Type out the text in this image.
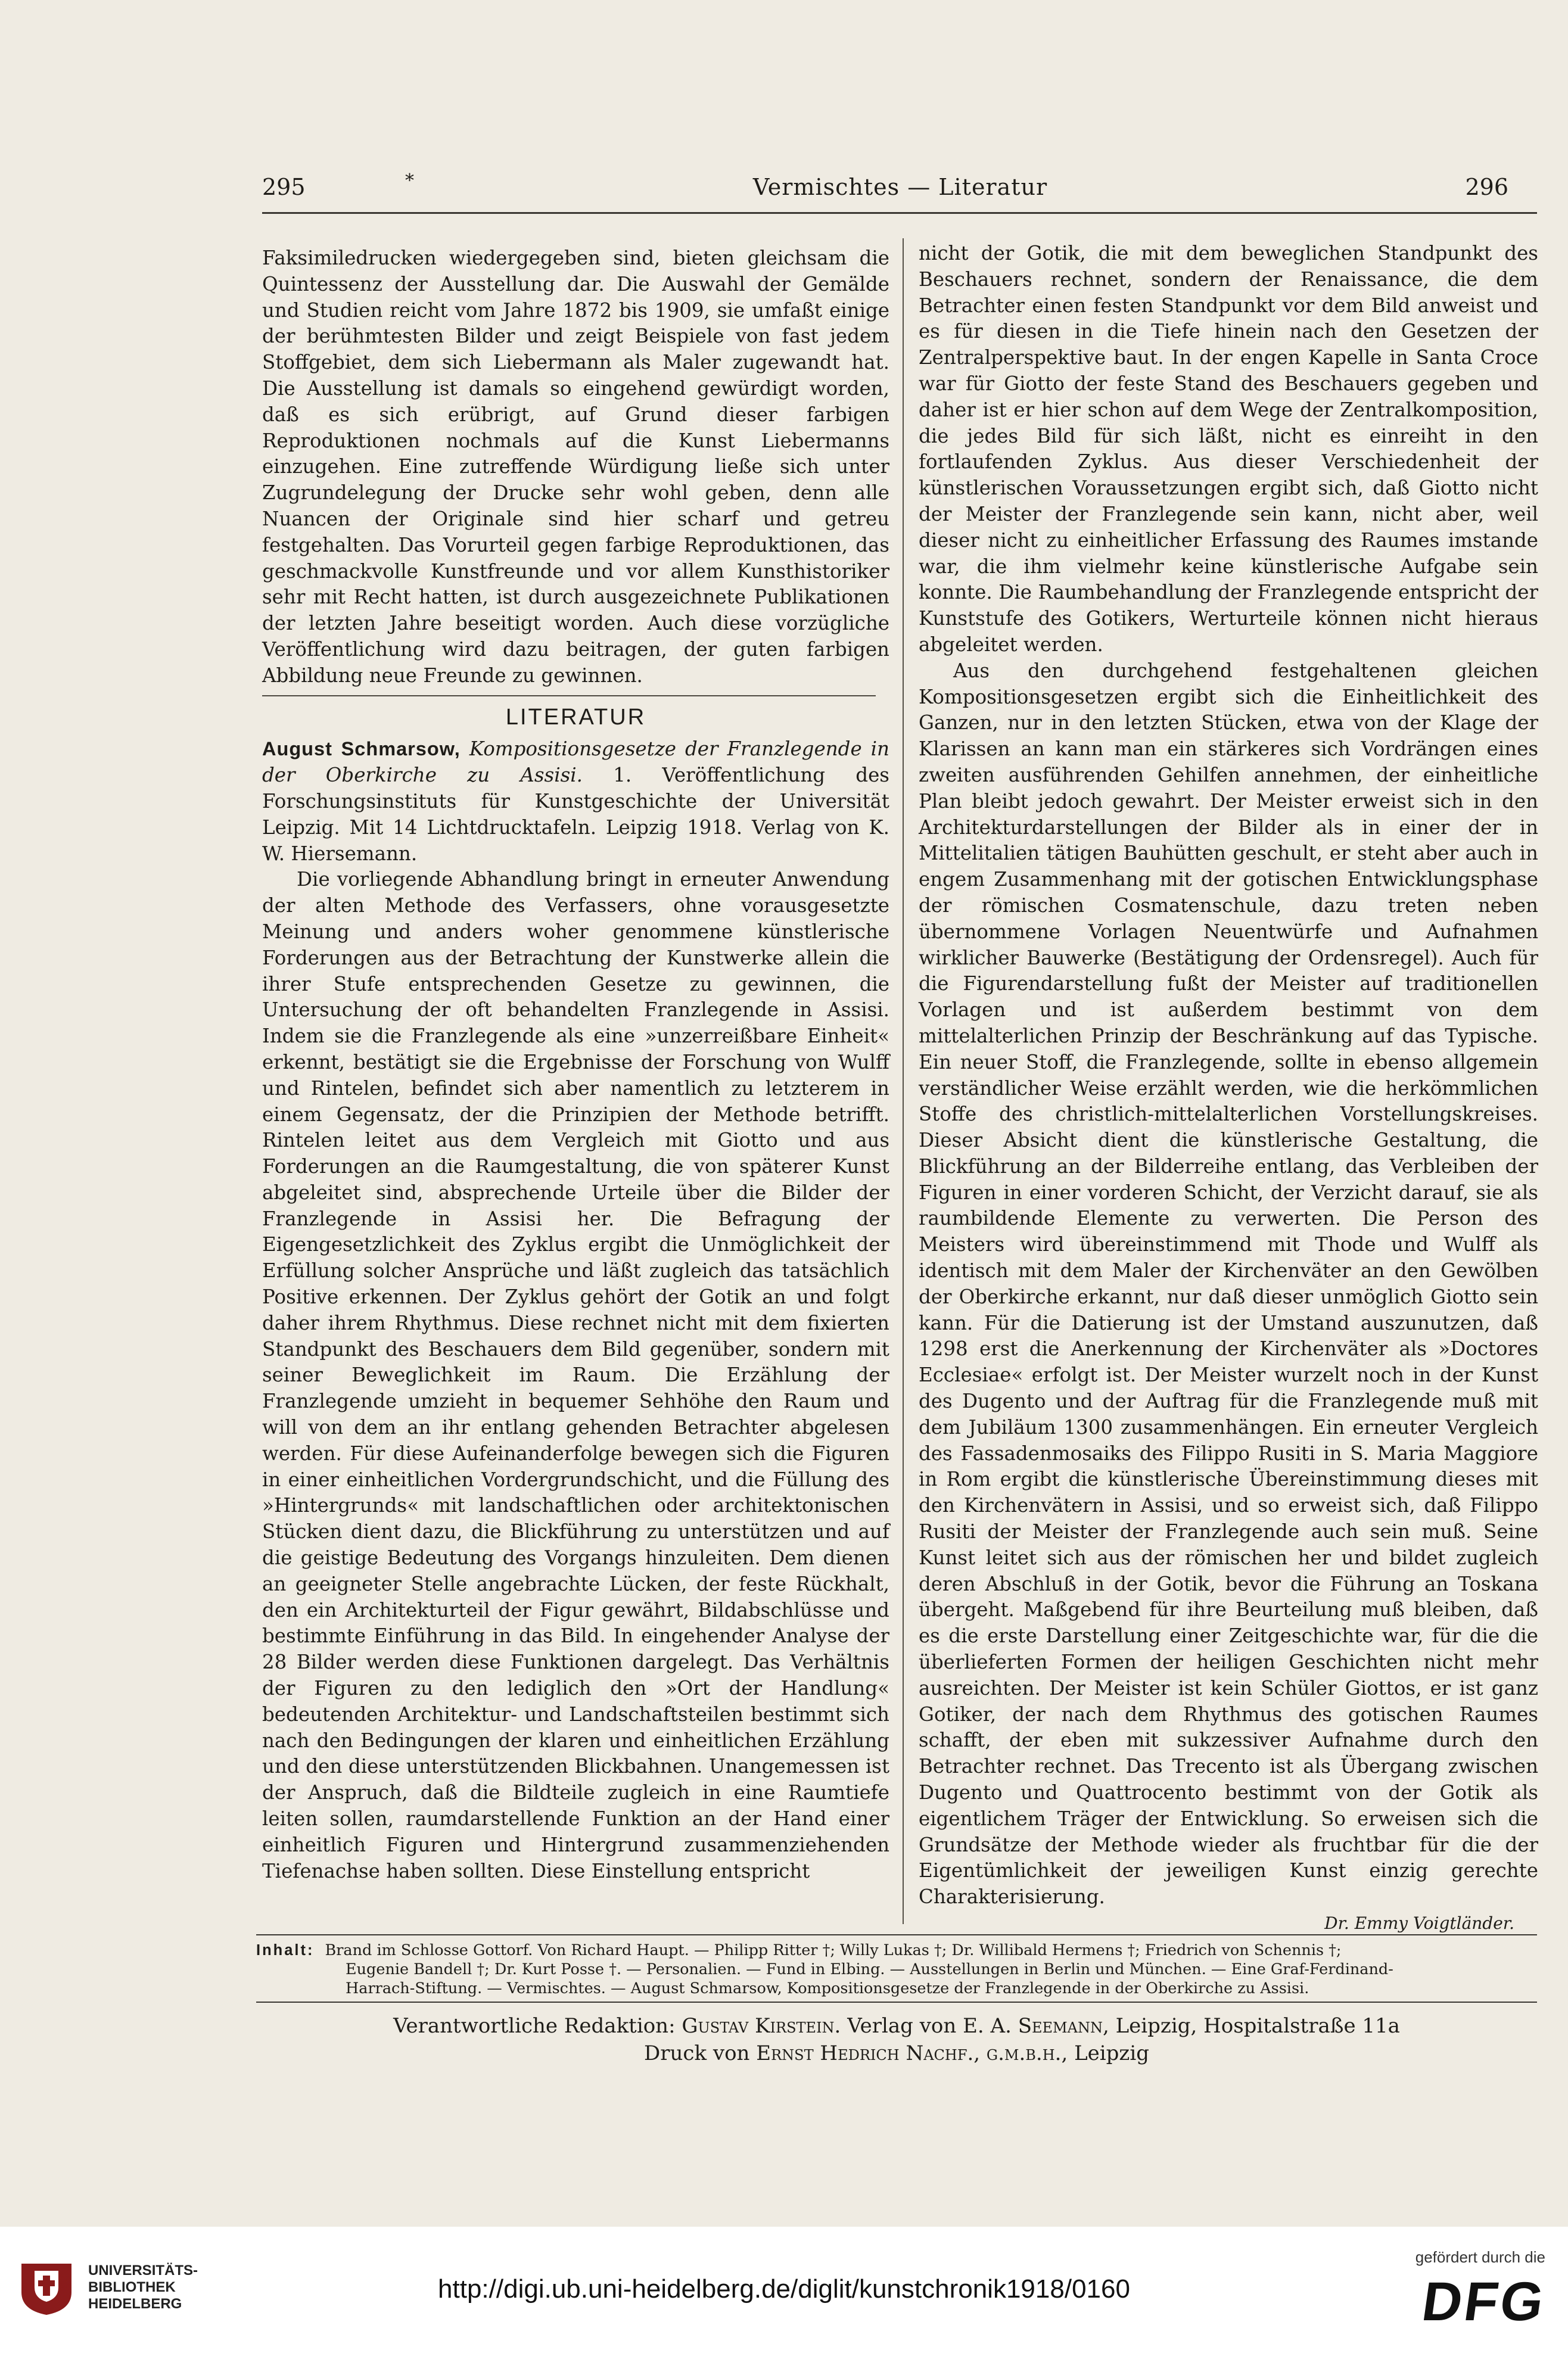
295	*	Vermischtes — Literatur	296

Faksimiledrucken wiedergegeben sind, bieten gleichsam die Quintessenz der Ausstellung dar. Die Auswahl der Gemälde und Studien reicht vom Jahre 1872 bis 1909, sie umfaßt einige der berühmtesten Bilder und zeigt Beispiele von fast jedem Stoffgebiet, dem sich Liebermann als Maler zugewandt hat. Die Ausstellung ist damals so eingehend gewürdigt worden, daß es sich erübrigt, auf Grund dieser farbigen Reproduktionen nochmals auf die Kunst Liebermanns einzugehen. Eine zutreffende Würdigung ließe sich unter Zugrundelegung der Drucke sehr wohl geben, denn alle Nuancen der Originale sind hier scharf und getreu festgehalten. Das Vorurteil gegen farbige Reproduktionen, das geschmackvolle Kunstfreunde und vor allem Kunsthistoriker sehr mit Recht hatten, ist durch ausgezeichnete Publikationen der letzten Jahre beseitigt worden. Auch diese vorzügliche Veröffentlichung wird dazu beitragen, der guten farbigen Abbildung neue Freunde zu gewinnen.

LITERATUR

August Schmarsow, Kompositionsgesetze der Franzlegende in der Oberkirche zu Assisi. 1. Veröffentlichung des Forschungsinstituts für Kunstgeschichte der Universität Leipzig. Mit 14 Lichtdrucktafeln. Leipzig 1918. Verlag von K. W. Hiersemann.

Die vorliegende Abhandlung bringt in erneuter Anwendung der alten Methode des Verfassers, ohne vorausgesetzte Meinung und anders woher genommene künstlerische Forderungen aus der Betrachtung der Kunstwerke allein die ihrer Stufe entsprechenden Gesetze zu gewinnen, die Untersuchung der oft behandelten Franzlegende in Assisi. Indem sie die Franzlegende als eine »unzerreißbare Einheit« erkennt, bestätigt sie die Ergebnisse der Forschung von Wulff und Rintelen, befindet sich aber namentlich zu letzterem in einem Gegensatz, der die Prinzipien der Methode betrifft. Rintelen leitet aus dem Vergleich mit Giotto und aus Forderungen an die Raumgestaltung, die von späterer Kunst abgeleitet sind, absprechende Urteile über die Bilder der Franzlegende in Assisi her. Die Befragung der Eigengesetzlichkeit des Zyklus ergibt die Unmöglichkeit der Erfüllung solcher Ansprüche und läßt zugleich das tatsächlich Positive erkennen. Der Zyklus gehört der Gotik an und folgt daher ihrem Rhythmus. Diese rechnet nicht mit dem fixierten Standpunkt des Beschauers dem Bild gegenüber, sondern mit seiner Beweglichkeit im Raum. Die Erzählung der Franzlegende umzieht in bequemer Sehhöhe den Raum und will von dem an ihr entlang gehenden Betrachter abgelesen werden. Für diese Aufeinanderfolge bewegen sich die Figuren in einer einheitlichen Vordergrundschicht, und die Füllung des »Hintergrunds« mit landschaftlichen oder architektonischen Stücken dient dazu, die Blickführung zu unterstützen und auf die geistige Bedeutung des Vorgangs hinzuleiten. Dem dienen an geeigneter Stelle angebrachte Lücken, der feste Rückhalt, den ein Architekturteil der Figur gewährt, Bildabschlüsse und bestimmte Einführung in das Bild. In eingehender Analyse der 28 Bilder werden diese Funktionen dargelegt. Das Verhältnis der Figuren zu den lediglich den »Ort der Handlung« bedeutenden Architektur- und Landschaftsteilen bestimmt sich nach den Bedingungen der klaren und einheitlichen Erzählung und den diese unterstützenden Blickbahnen. Unangemessen ist der Anspruch, daß die Bildteile zugleich in eine Raumtiefe leiten sollen, raumdarstellende Funktion an der Hand einer einheitlich Figuren und Hintergrund zusammenziehenden Tiefenachse haben sollten. Diese Einstellung entspricht

nicht der Gotik, die mit dem beweglichen Standpunkt des Beschauers rechnet, sondern der Renaissance, die dem Betrachter einen festen Standpunkt vor dem Bild anweist und es für diesen in die Tiefe hinein nach den Gesetzen der Zentralperspektive baut. In der engen Kapelle in Santa Croce war für Giotto der feste Stand des Beschauers gegeben und daher ist er hier schon auf dem Wege der Zentralkomposition, die jedes Bild für sich läßt, nicht es einreiht in den fortlaufenden Zyklus. Aus dieser Verschiedenheit der künstlerischen Voraussetzungen ergibt sich, daß Giotto nicht der Meister der Franzlegende sein kann, nicht aber, weil dieser nicht zu einheitlicher Erfassung des Raumes imstande war, die ihm vielmehr keine künstlerische Aufgabe sein konnte. Die Raumbehandlung der Franzlegende entspricht der Kunststufe des Gotikers, Werturteile können nicht hieraus abgeleitet werden.

Aus den durchgehend festgehaltenen gleichen Kompositionsgesetzen ergibt sich die Einheitlichkeit des Ganzen, nur in den letzten Stücken, etwa von der Klage der Klarissen an kann man ein stärkeres sich Vordrängen eines zweiten ausführenden Gehilfen annehmen, der einheitliche Plan bleibt jedoch gewahrt. Der Meister erweist sich in den Architekturdarstellungen der Bilder als in einer der in Mittelitalien tätigen Bauhütten geschult, er steht aber auch in engem Zusammenhang mit der gotischen Entwicklungsphase der römischen Cosmatenschule, dazu treten neben übernommene Vorlagen Neuentwürfe und Aufnahmen wirklicher Bauwerke (Bestätigung der Ordensregel). Auch für die Figurendarstellung fußt der Meister auf traditionellen Vorlagen und ist außerdem bestimmt von dem mittelalterlichen Prinzip der Beschränkung auf das Typische. Ein neuer Stoff, die Franzlegende, sollte in ebenso allgemein verständlicher Weise erzählt werden, wie die herkömmlichen Stoffe des christlich-mittelalterlichen Vorstellungskreises. Dieser Absicht dient die künstlerische Gestaltung, die Blickführung an der Bilderreihe entlang, das Verbleiben der Figuren in einer vorderen Schicht, der Verzicht darauf, sie als raumbildende Elemente zu verwerten. Die Person des Meisters wird übereinstimmend mit Thode und Wulff als identisch mit dem Maler der Kirchenväter an den Gewölben der Oberkirche erkannt, nur daß dieser unmöglich Giotto sein kann. Für die Datierung ist der Umstand auszunutzen, daß 1298 erst die Anerkennung der Kirchenväter als »Doctores Ecclesiae« erfolgt ist. Der Meister wurzelt noch in der Kunst des Dugento und der Auftrag für die Franzlegende muß mit dem Jubiläum 1300 zusammenhängen. Ein erneuter Vergleich des Fassadenmosaiks des Filippo Rusiti in S. Maria Maggiore in Rom ergibt die künstlerische Übereinstimmung dieses mit den Kirchenvätern in Assisi, und so erweist sich, daß Filippo Rusiti der Meister der Franzlegende auch sein muß. Seine Kunst leitet sich aus der römischen her und bildet zugleich deren Abschluß in der Gotik, bevor die Führung an Toskana übergeht. Maßgebend für ihre Beurteilung muß bleiben, daß es die erste Darstellung einer Zeitgeschichte war, für die die überlieferten Formen der heiligen Geschichten nicht mehr ausreichten. Der Meister ist kein Schüler Giottos, er ist ganz Gotiker, der nach dem Rhythmus des gotischen Raumes schafft, der eben mit sukzessiver Aufnahme durch den Betrachter rechnet. Das Trecento ist als Übergang zwischen Dugento und Quattrocento bestimmt von der Gotik als eigentlichem Träger der Entwicklung. So erweisen sich die Grundsätze der Methode wieder als fruchtbar für die der Eigentümlichkeit der jeweiligen Kunst einzig gerechte Charakterisierung.

Dr. Emmy Voigtländer.
Inhalt: Brand im Schlosse Gottorf. Von Richard Haupt. — Philipp Ritter †; Willy Lukas †; Dr. Willibald Hermens †; Friedrich von Schennis †;
Eugenie Bandell †; Dr. Kurt Posse †. — Personalien. — Fund in Elbing. — Ausstellungen in Berlin und München. — Eine Graf-Ferdinand-
Harrach-Stiftung. — Vermischtes. — August Schmarsow, Kompositionsgesetze der Franzlegende in der Oberkirche zu Assisi.
Verantwortliche Redaktion: Gustav Kirstein. Verlag von E. A. Seemann, Leipzig, Hospitalstraße 11a
Druck von Ernst Hedrich Nachf., g.m.b.h., Leipzig
UNIVERSITÄTS-
BIBLIOTHEK
HEIDELBERG
http://digi.ub.uni-heidelberg.de/diglit/kunstchronik1918/0160
gefördert durch die
DFG
